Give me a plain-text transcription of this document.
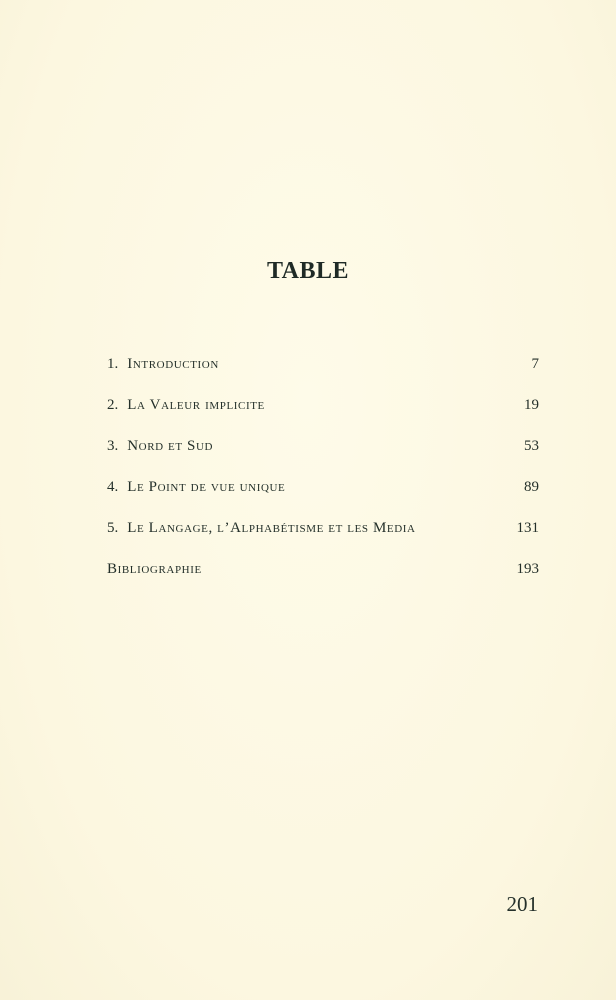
TABLE
1. Introduction	7
2. La Valeur implicite	19
3. Nord et Sud	53
4. Le Point de vue unique	89
5. Le Langage, l’Alphabétisme et les Media	131
Bibliographie	193
201
